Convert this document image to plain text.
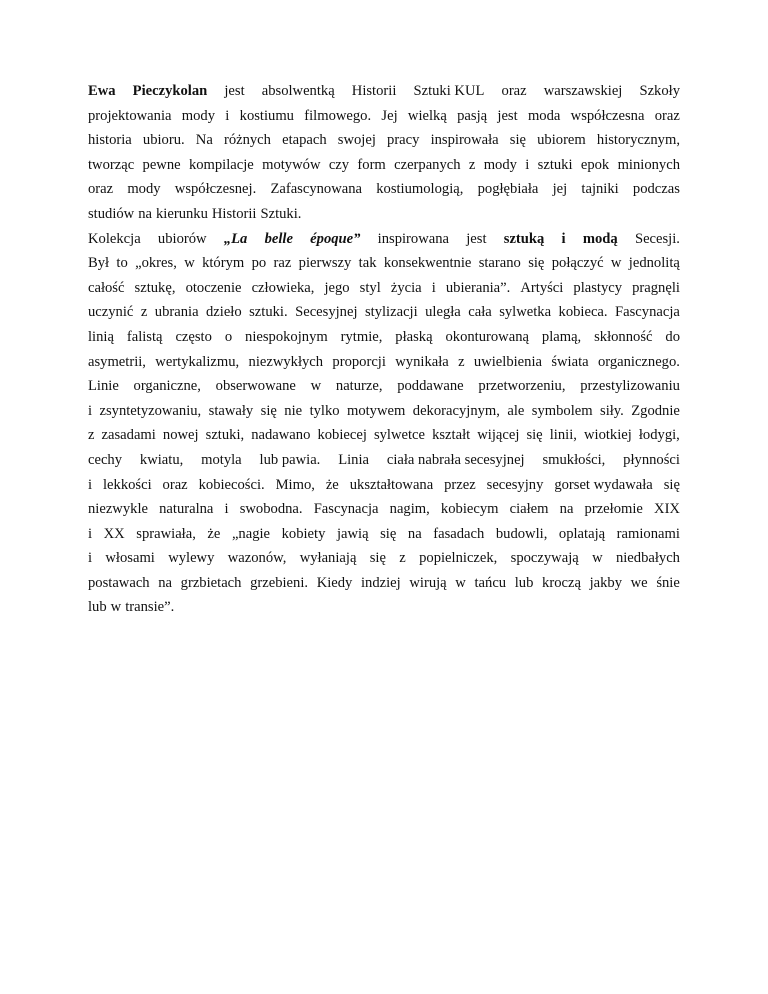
Ewa Pieczykolan jest absolwentką Historii Sztuki KUL oraz warszawskiej Szkoły
projektowania mody i kostiumu filmowego. Jej wielką pasją jest moda współczesna oraz
historia ubioru. Na różnych etapach swojej pracy inspirowała się ubiorem historycznym,
tworząc pewne kompilacje motywów czy form czerpanych z mody i sztuki epok minionych
oraz mody współczesnej. Zafascynowana kostiumologią, pogłębiała jej tajniki podczas
studiów na kierunku Historii Sztuki.
Kolekcja ubiorów „La belle époque” inspirowana jest sztuką i modą Secesji.
Był to „okres, w którym po raz pierwszy tak konsekwentnie starano się połączyć w jednolitą
całość sztukę, otoczenie człowieka, jego styl życia i ubierania”. Artyści plastycy pragnęli
uczynić z ubrania dzieło sztuki. Secesyjnej stylizacji uległa cała sylwetka kobieca. Fascynacja
linią falistą często o niespokojnym rytmie, płaską okonturowaną plamą, skłonność do
asymetrii, wertykalizmu, niezwykłych proporcji wynikała z uwielbienia świata organicznego.
Linie organiczne, obserwowane w naturze, poddawane przetworzeniu, przestylizowaniu
i zsyntetyzowaniu, stawały się nie tylko motywem dekoracyjnym, ale symbolem siły. Zgodnie
z zasadami nowej sztuki, nadawano kobiecej sylwetce kształt wijącej się linii, wiotkiej łodygi,
cechy kwiatu, motyla lub pawia. Linia ciała nabrała secesyjnej smukłości, płynności
i lekkości oraz kobiecości. Mimo, że ukształtowana przez secesyjny gorset wydawała się
niezwykle naturalna i swobodna. Fascynacja nagim, kobiecym ciałem na przełomie XIX
i XX sprawiała, że „nagie kobiety jawią się na fasadach budowli, oplatają ramionami
i włosami wylewy wazonów, wyłaniają się z popielniczek, spoczywają w niedbałych
postawach na grzbietach grzebieni. Kiedy indziej wirują w tańcu lub kroczą jakby we śnie
lub w transie”.
